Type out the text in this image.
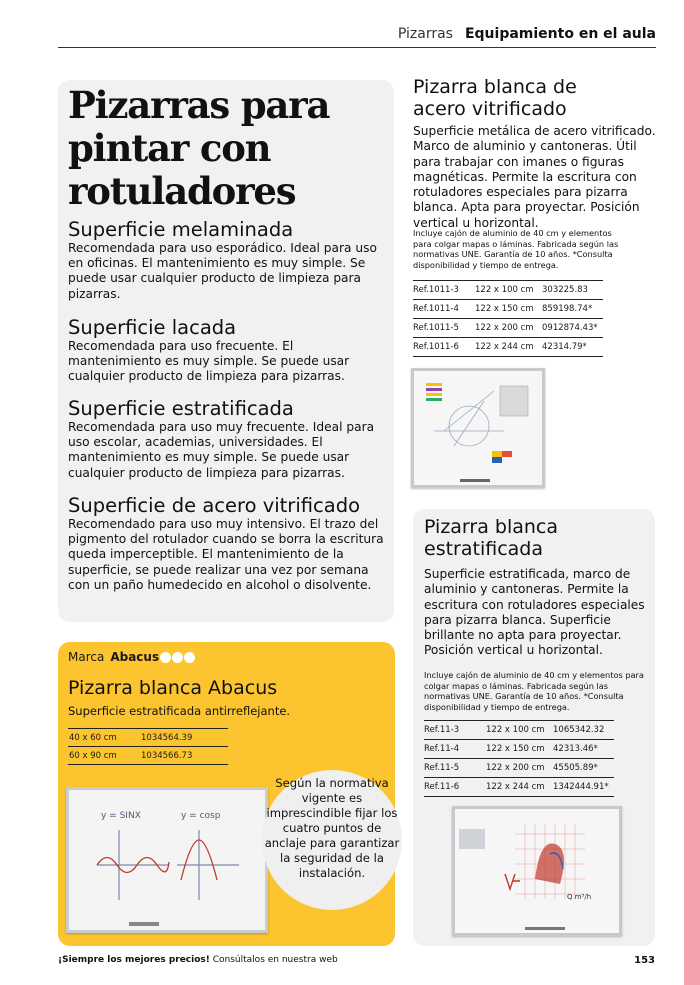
Pizarras Equipamiento en el aula
Pizarras para pintar con rotuladores
Superficie melaminada

Recomendada para uso esporádico. Ideal para uso en oficinas. El mantenimiento es muy simple. Se puede usar cualquier producto de limpieza para pizarras.

Superficie lacada

Recomendada para uso frecuente. El mantenimiento es muy simple. Se puede usar cualquier producto de limpieza para pizarras.

Superficie estratificada

Recomendada para uso muy frecuente. Ideal para uso escolar, academias, universidades. El mantenimiento es muy simple. Se puede usar cualquier producto de limpieza para pizarras.

Superficie de acero vitrificado

Recomendado para uso muy intensivo. El trazo del pigmento del rotulador cuando se borra la escritura queda imperceptible. El mantenimiento de la superficie, se puede realizar una vez por semana con un paño humedecido en alcohol o disolvente.

Marca Abacus
Pizarra blanca Abacus
Superficie estratificada antirreflejante.
40 x 60 cm	1034564.39
60 x 90 cm	1034566.73
y = SINX	y = cosp
Según la normativa vigente es imprescindible fijar los cuatro puntos de anclaje para garantizar la seguridad de la instalación.
Pizarra blanca de acero vitrificado
Superficie metálica de acero vitrificado. Marco de aluminio y cantoneras. Útil para trabajar con imanes o figuras magnéticas. Permite la escritura con rotuladores especiales para pizarra blanca. Apta para proyectar. Posición vertical u horizontal.
Incluye cajón de aluminio de 40 cm y elementos para colgar mapas o láminas. Fabricada según las normativas UNE. Garantía de 10 años. *Consulta disponibilidad y tiempo de entrega.
Ref.1011-3	122 x 100 cm	303225.83
Ref.1011-4	122 x 150 cm	859198.74*
Ref.1011-5	122 x 200 cm	0912874.43*
Ref.1011-6	122 x 244 cm	42314.79*
Pizarra blanca estratificada
Superficie estratificada, marco de aluminio y cantoneras. Permite la escritura con rotuladores especiales para pizarra blanca. Superficie brillante no apta para proyectar. Posición vertical u horizontal.
Incluye cajón de aluminio de 40 cm y elementos para colgar mapas o láminas. Fabricada según las normativas UNE. Garantía de 10 años. *Consulta disponibilidad y tiempo de entrega.
Ref.11-3	122 x 100 cm	1065342.32
Ref.11-4	122 x 150 cm	42313.46*
Ref.11-5	122 x 200 cm	45505.89*
Ref.11-6	122 x 244 cm	1342444.91*
Q m³/h
¡Siempre los mejores precios! Consúltalos en nuestra web	153
